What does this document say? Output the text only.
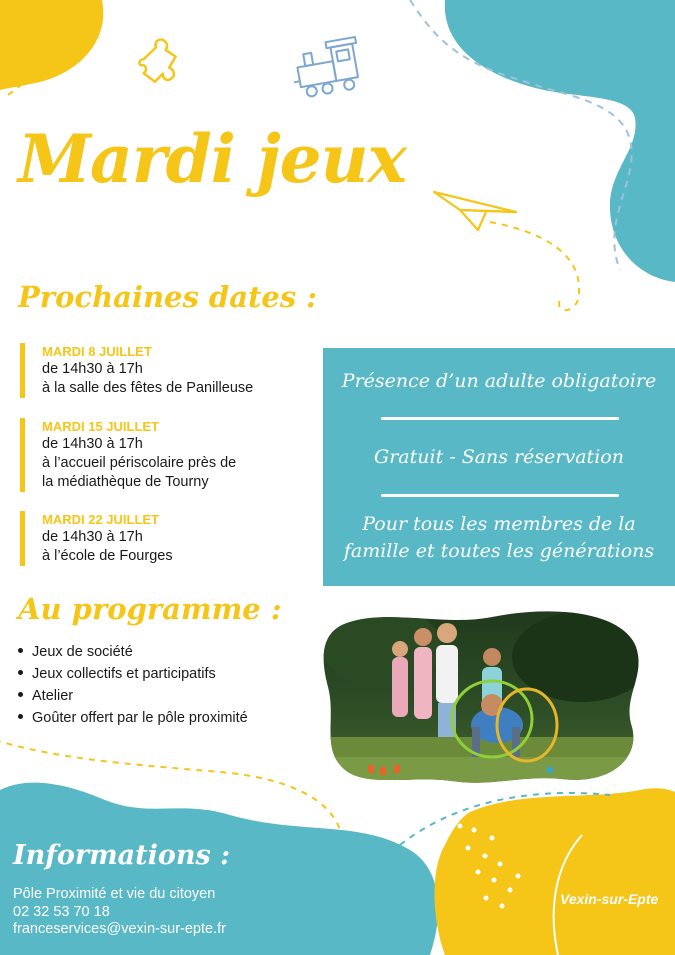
Mardi jeux
Prochaines dates :
MARDI 8 JUILLET
de 14h30 à 17h
à la salle des fêtes de Panilleuse
MARDI 15 JUILLET
de 14h30 à 17h
à l’accueil périscolaire près de
la médiathèque de Tourny
MARDI 22 JUILLET
de 14h30 à 17h
à l’école de Fourges
Présence d’un adulte obligatoire
Gratuit - Sans réservation
Pour tous les membres de la
famille et toutes les générations
Au programme :
Jeux de société
Jeux collectifs et participatifs
Atelier
Goûter offert par le pôle proximité
Informations :
Pôle Proximité et vie du citoyen
02 32 53 70 18
franceservices@vexin-sur-epte.fr
Vexin-sur-Epte
